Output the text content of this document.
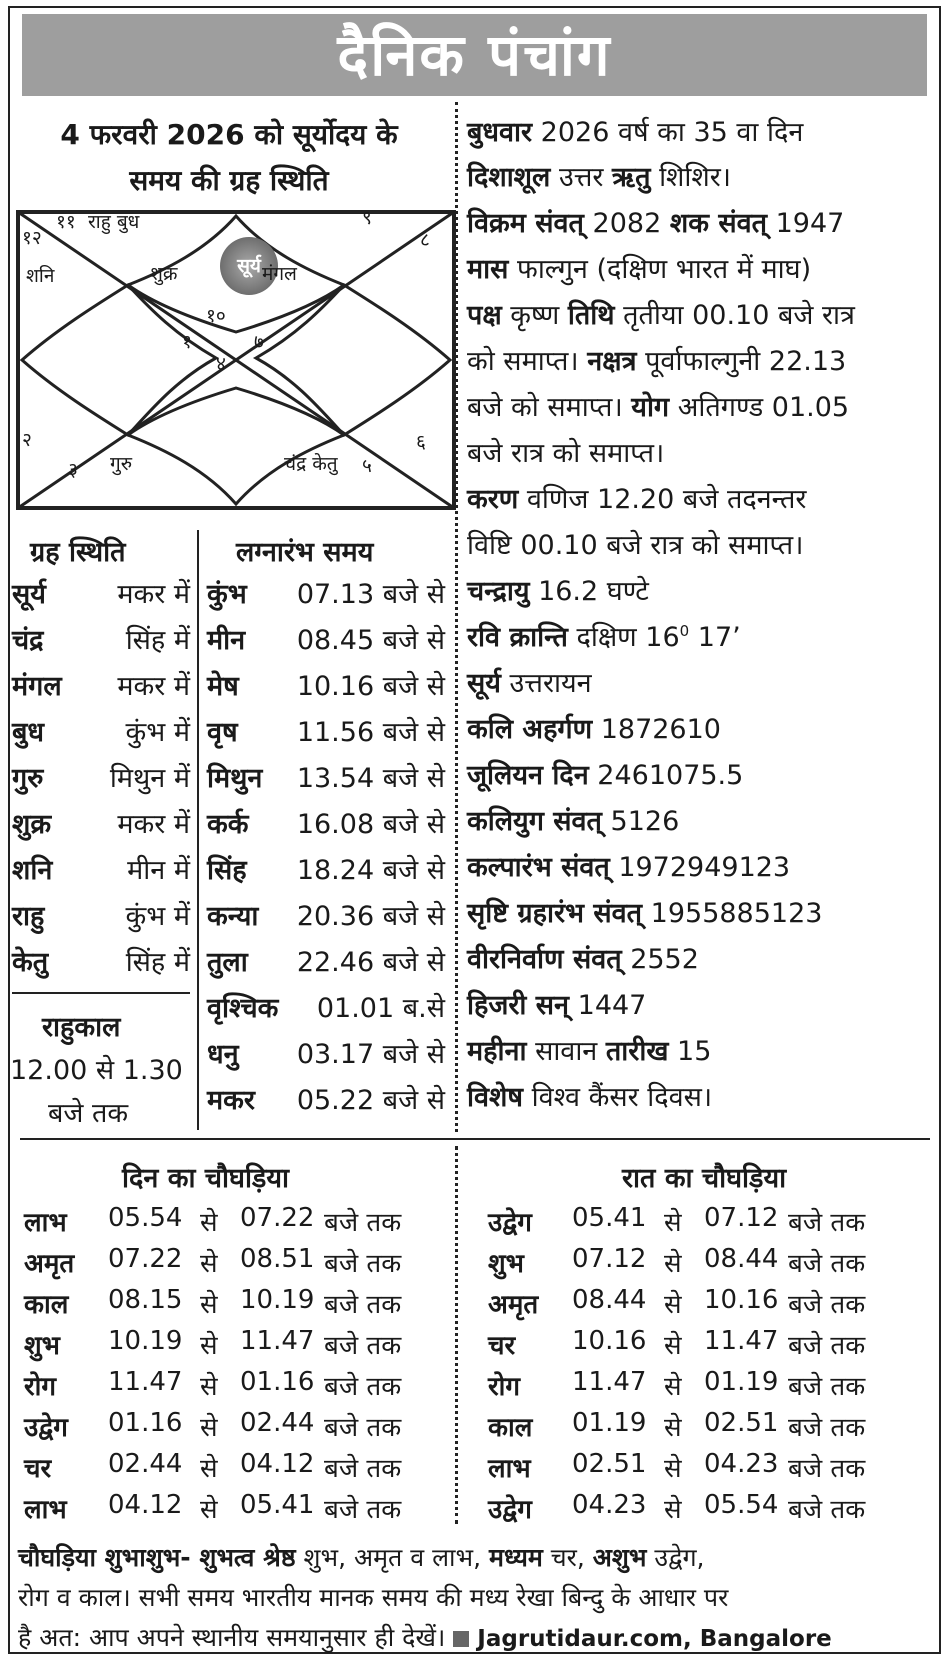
दैनिक पंचांग
4 फरवरी 2026 को सूर्योदय के
समय की ग्रह स्थिति
११ राहु बुध
१२
शनि	शुक्र	सूर्य मंगल
९
८
१०
१	७
४
२
३ गुरु	चंद्र केतु ५
६
बुधवार 2026 वर्ष का 35 वा दिन
दिशाशूल उत्तर ऋतु शिशिर।
विक्रम संवत् 2082 शक संवत् 1947
मास फाल्गुन (दक्षिण भारत में माघ)
पक्ष कृष्ण तिथि तृतीया 00.10 बजे रात्र
को समाप्त। नक्षत्र पूर्वाफाल्गुनी 22.13
बजे को समाप्त। योग अतिगण्ड 01.05
बजे रात्र को समाप्त।
करण वणिज 12.20 बजे तदनन्तर
विष्टि 00.10 बजे रात्र को समाप्त।
चन्द्रायु 16.2 घण्टे
रवि क्रान्ति दक्षिण $16^0$ 17’
सूर्य उत्तरायन
कलि अहर्गण 1872610
जूलियन दिन 2461075.5
कलियुग संवत् 5126
कल्पारंभ संवत् 1972949123
सृष्टि ग्रहारंभ संवत् 1955885123
वीरनिर्वाण संवत् 2552
हिजरी सन् 1447
महीना सावान तारीख 15
विशेष विश्व कैंसर दिवस।
ग्रह स्थिति
सूर्य	मकर में
चंद्र	सिंह में
मंगल मकर में
बुध	कुंभ में
गुरु मिथुन में
शुक्र मकर में
शनि	मीन में
राहु	कुंभ में
केतु	सिंह में
राहुकाल
12.00 से 1.30
बजे तक
लग्नारंभ समय
कुंभ 07.13 बजे से
मीन 08.45 बजे से
मेष 10.16 बजे से
वृष 11.56 बजे से
मिथुन 13.54 बजे से
कर्क 16.08 बजे से
सिंह 18.24 बजे से
कन्या 20.36 बजे से
तुला 22.46 बजे से
वृश्चिक 01.01 ब.से
धनु 03.17 बजे से
मकर 05.22 बजे से
दिन का चौघड़िया	रात का चौघड़िया
लाभ 05.54 से 07.22 बजे तक
अमृत 07.22 से 08.51 बजे तक
काल 08.15 से 10.19 बजे तक
शुभ 10.19 से 11.47 बजे तक
रोग 11.47 से 01.16 बजे तक
उद्वेग 01.16 से 02.44 बजे तक
चर 02.44 से 04.12 बजे तक
लाभ 04.12 से 05.41 बजे तक
उद्वेग 05.41 से 07.12 बजे तक
शुभ 07.12 से 08.44 बजे तक
अमृत 08.44 से 10.16 बजे तक
चर 10.16 से 11.47 बजे तक
रोग 11.47 से 01.19 बजे तक
काल 01.19 से 02.51 बजे तक
लाभ 02.51 से 04.23 बजे तक
उद्वेग 04.23 से 05.54 बजे तक
चौघड़िया शुभाशुभ- शुभत्व श्रेष्ठ शुभ, अमृत व लाभ, मध्यम चर, अशुभ उद्वेग,
रोग व काल। सभी समय भारतीय मानक समय की मध्य रेखा बिन्दु के आधार पर
है अत: आप अपने स्थानीय समयानुसार ही देखें। Jagrutidaur.com, Bangalore
